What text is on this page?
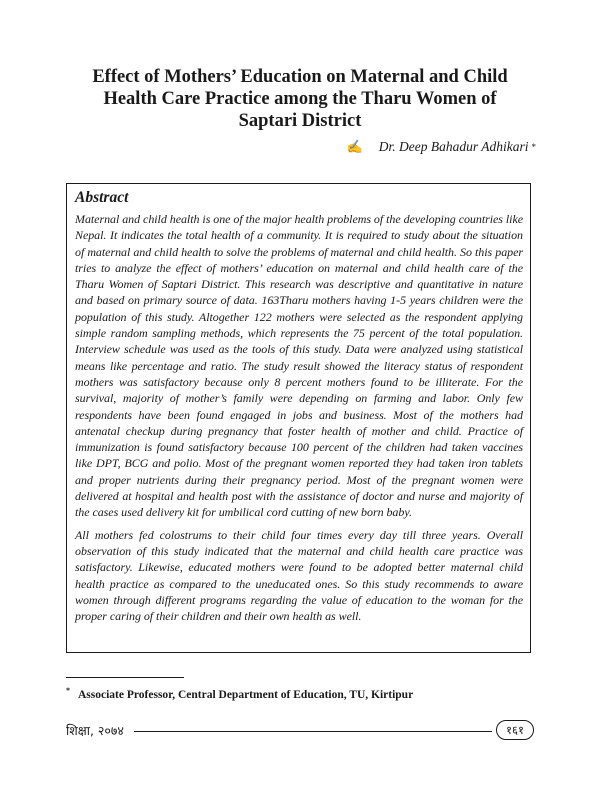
Effect of Mothers’ Education on Maternal and Child
Health Care Practice among the Tharu Women of
Saptari District
✍ Dr. Deep Bahadur Adhikari *
Abstract

Maternal and child health is one of the major health problems of the developing countries like Nepal. It indicates the total health of a community. It is required to study about the situation of maternal and child health to solve the problems of maternal and child health. So this paper tries to analyze the effect of mothers’ education on maternal and child health care of the Tharu Women of Saptari District. This research was descriptive and quantitative in nature and based on primary source of data. 163Tharu mothers having 1-5 years children were the population of this study. Altogether 122 mothers were selected as the respondent applying simple random sampling methods, which represents the 75 percent of the total population. Interview schedule was used as the tools of this study. Data were analyzed using statistical means like percentage and ratio. The study result showed the literacy status of respondent mothers was satisfactory because only 8 percent mothers found to be illiterate. For the survival, majority of mother’s family were depending on farming and labor. Only few respondents have been found engaged in jobs and business. Most of the mothers had antenatal checkup during pregnancy that foster health of mother and child. Practice of immunization is found satisfactory because 100 percent of the children had taken vaccines like DPT, BCG and polio. Most of the pregnant women reported they had taken iron tablets and proper nutrients during their pregnancy period. Most of the pregnant women were delivered at hospital and health post with the assistance of doctor and nurse and majority of the cases used delivery kit for umbilical cord cutting of new born baby.

All mothers fed colostrums to their child four times every day till three years. Overall observation of this study indicated that the maternal and child health care practice was satisfactory. Likewise, educated mothers were found to be adopted better maternal child health practice as compared to the uneducated ones. So this study recommends to aware women through different programs regarding the value of education to the woman for the proper caring of their children and their own health as well.

* Associate Professor, Central Department of Education, TU, Kirtipur
शिक्षा, २०७४	१६१
